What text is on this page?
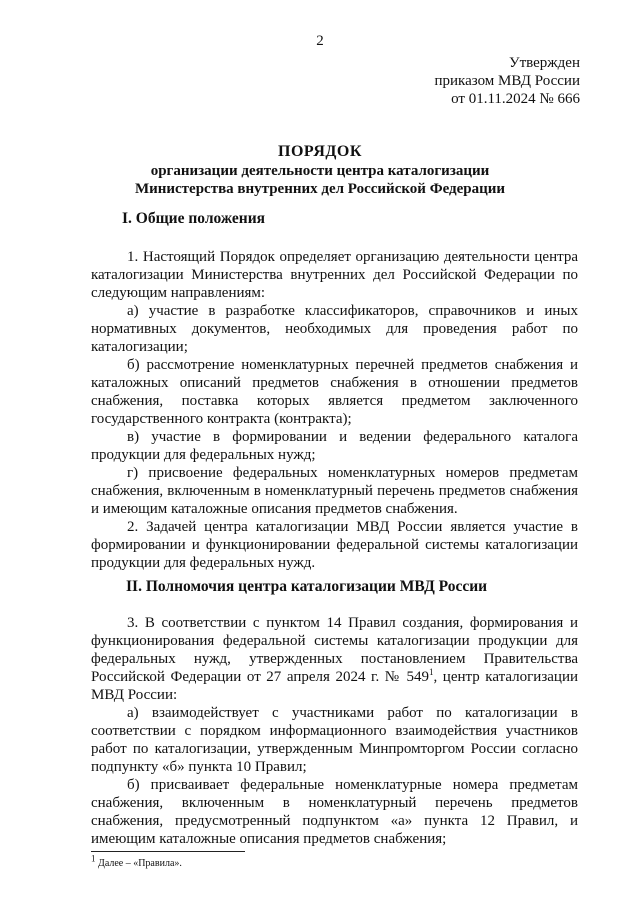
2
Утвержден
приказом МВД России
от 01.11.2024 № 666
ПОРЯДОК
организации деятельности центра каталогизации
Министерства внутренних дел Российской Федерации
I. Общие положения

1. Настоящий Порядок определяет организацию деятельности центра каталогизации Министерства внутренних дел Российской Федерации по следующим направлениям:

а) участие в разработке классификаторов, справочников и иных нормативных документов, необходимых для проведения работ по каталогизации;

б) рассмотрение номенклатурных перечней предметов снабжения и каталожных описаний предметов снабжения в отношении предметов снабжения, поставка которых является предметом заключенного государственного контракта (контракта);

в) участие в формировании и ведении федерального каталога продукции для федеральных нужд;

г) присвоение федеральных номенклатурных номеров предметам снабжения, включенным в номенклатурный перечень предметов снабжения и имеющим каталожные описания предметов снабжения.

2. Задачей центра каталогизации МВД России является участие в формировании и функционировании федеральной системы каталогизации продукции для федеральных нужд.

II. Полномочия центра каталогизации МВД России

3. В соответствии с пунктом 14 Правил создания, формирования и функционирования федеральной системы каталогизации продукции для федеральных нужд, утвержденных постановлением Правительства Российской Федерации от 27 апреля 2024 г. № $549^1$, центр каталогизации МВД России:

а) взаимодействует с участниками работ по каталогизации в соответствии с порядком информационного взаимодействия участников работ по каталогизации, утвержденным Минпромторгом России согласно подпункту «б» пункта 10 Правил;

б) присваивает федеральные номенклатурные номера предметам снабжения, включенным в номенклатурный перечень предметов снабжения, предусмотренный подпунктом «а» пункта 12 Правил, и имеющим каталожные описания предметов снабжения;

$^1$ Далее – «Правила».
